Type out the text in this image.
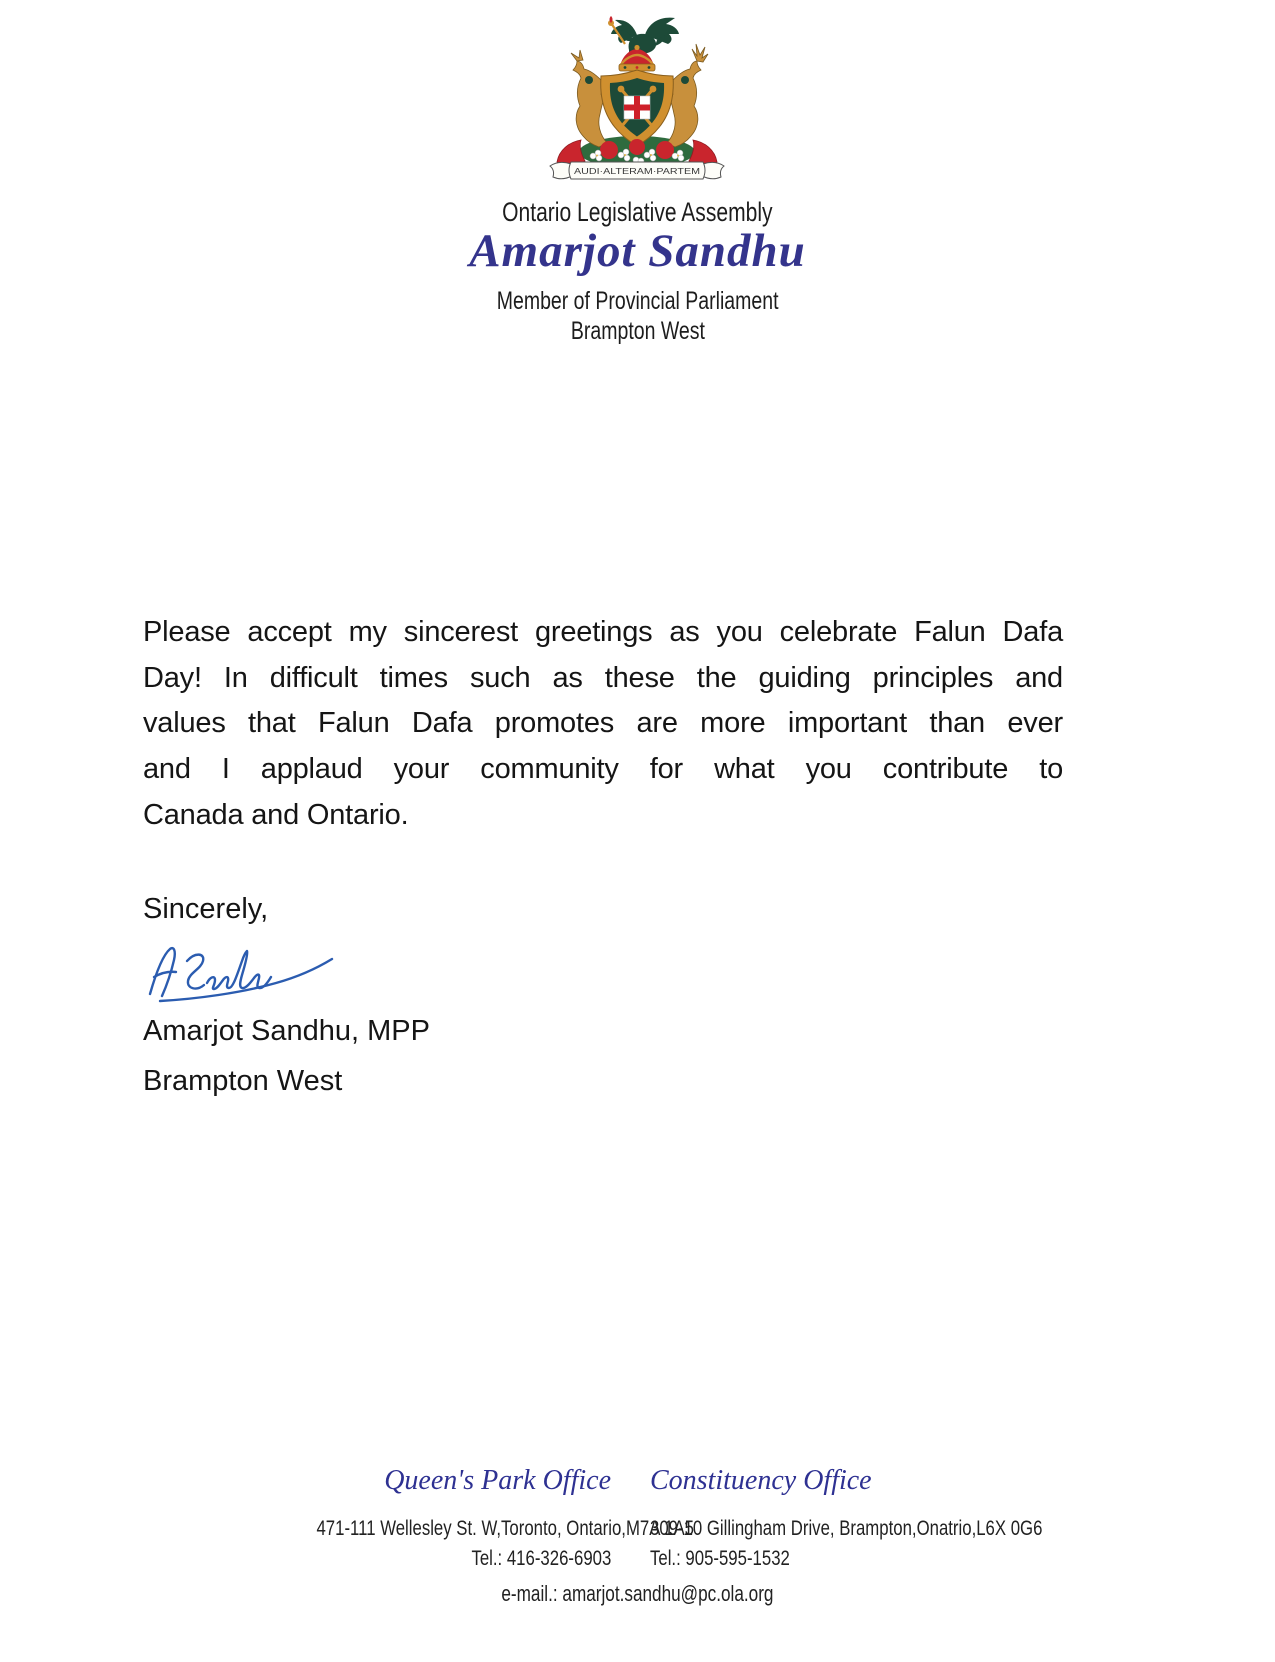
AUDI·ALTERAM·PARTEM
Ontario Legislative Assembly
Amarjot Sandhu
Member of Provincial Parliament
Brampton West
Please accept my sincerest greetings as you celebrate Falun Dafa
Day! In difficult times such as these the guiding principles and
values that Falun Dafa promotes are more important than ever
and I applaud your community for what you contribute to
Canada and Ontario.
Sincerely,
Amarjot Sandhu, MPP
Brampton West
Queen's Park Office
471-111 Wellesley St. W,Toronto, Ontario,M7A 1A5
Tel.: 416-326-6903
Constituency Office
309-10 Gillingham Drive, Brampton,Onatrio,L6X 0G6
Tel.: 905-595-1532
e-mail.: amarjot.sandhu@pc.ola.org
